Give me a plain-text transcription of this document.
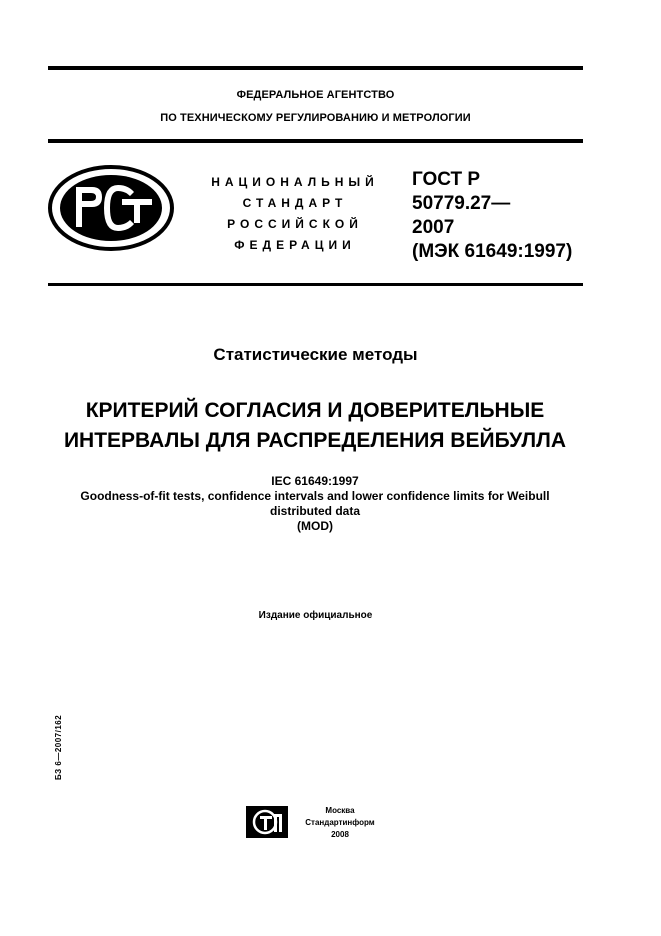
ФЕДЕРАЛЬНОЕ АГЕНТСТВО
ПО ТЕХНИЧЕСКОМУ РЕГУЛИРОВАНИЮ И МЕТРОЛОГИИ
НАЦИОНАЛЬНЫЙ
СТАНДАРТ
РОССИЙСКОЙ
ФЕДЕРАЦИИ
ГОСТ Р
50779.27—
2007
(МЭК 61649:1997)
Статистические методы
КРИТЕРИЙ СОГЛАСИЯ И ДОВЕРИТЕЛЬНЫЕ
ИНТЕРВАЛЫ ДЛЯ РАСПРЕДЕЛЕНИЯ ВЕЙБУЛЛА
IEC 61649:1997
Goodness-of-fit tests, confidence intervals and lower confidence limits for Weibull
distributed data
(MOD)
Издание официальное
БЗ 6—2007/162
Москва
Стандартинформ
2008
